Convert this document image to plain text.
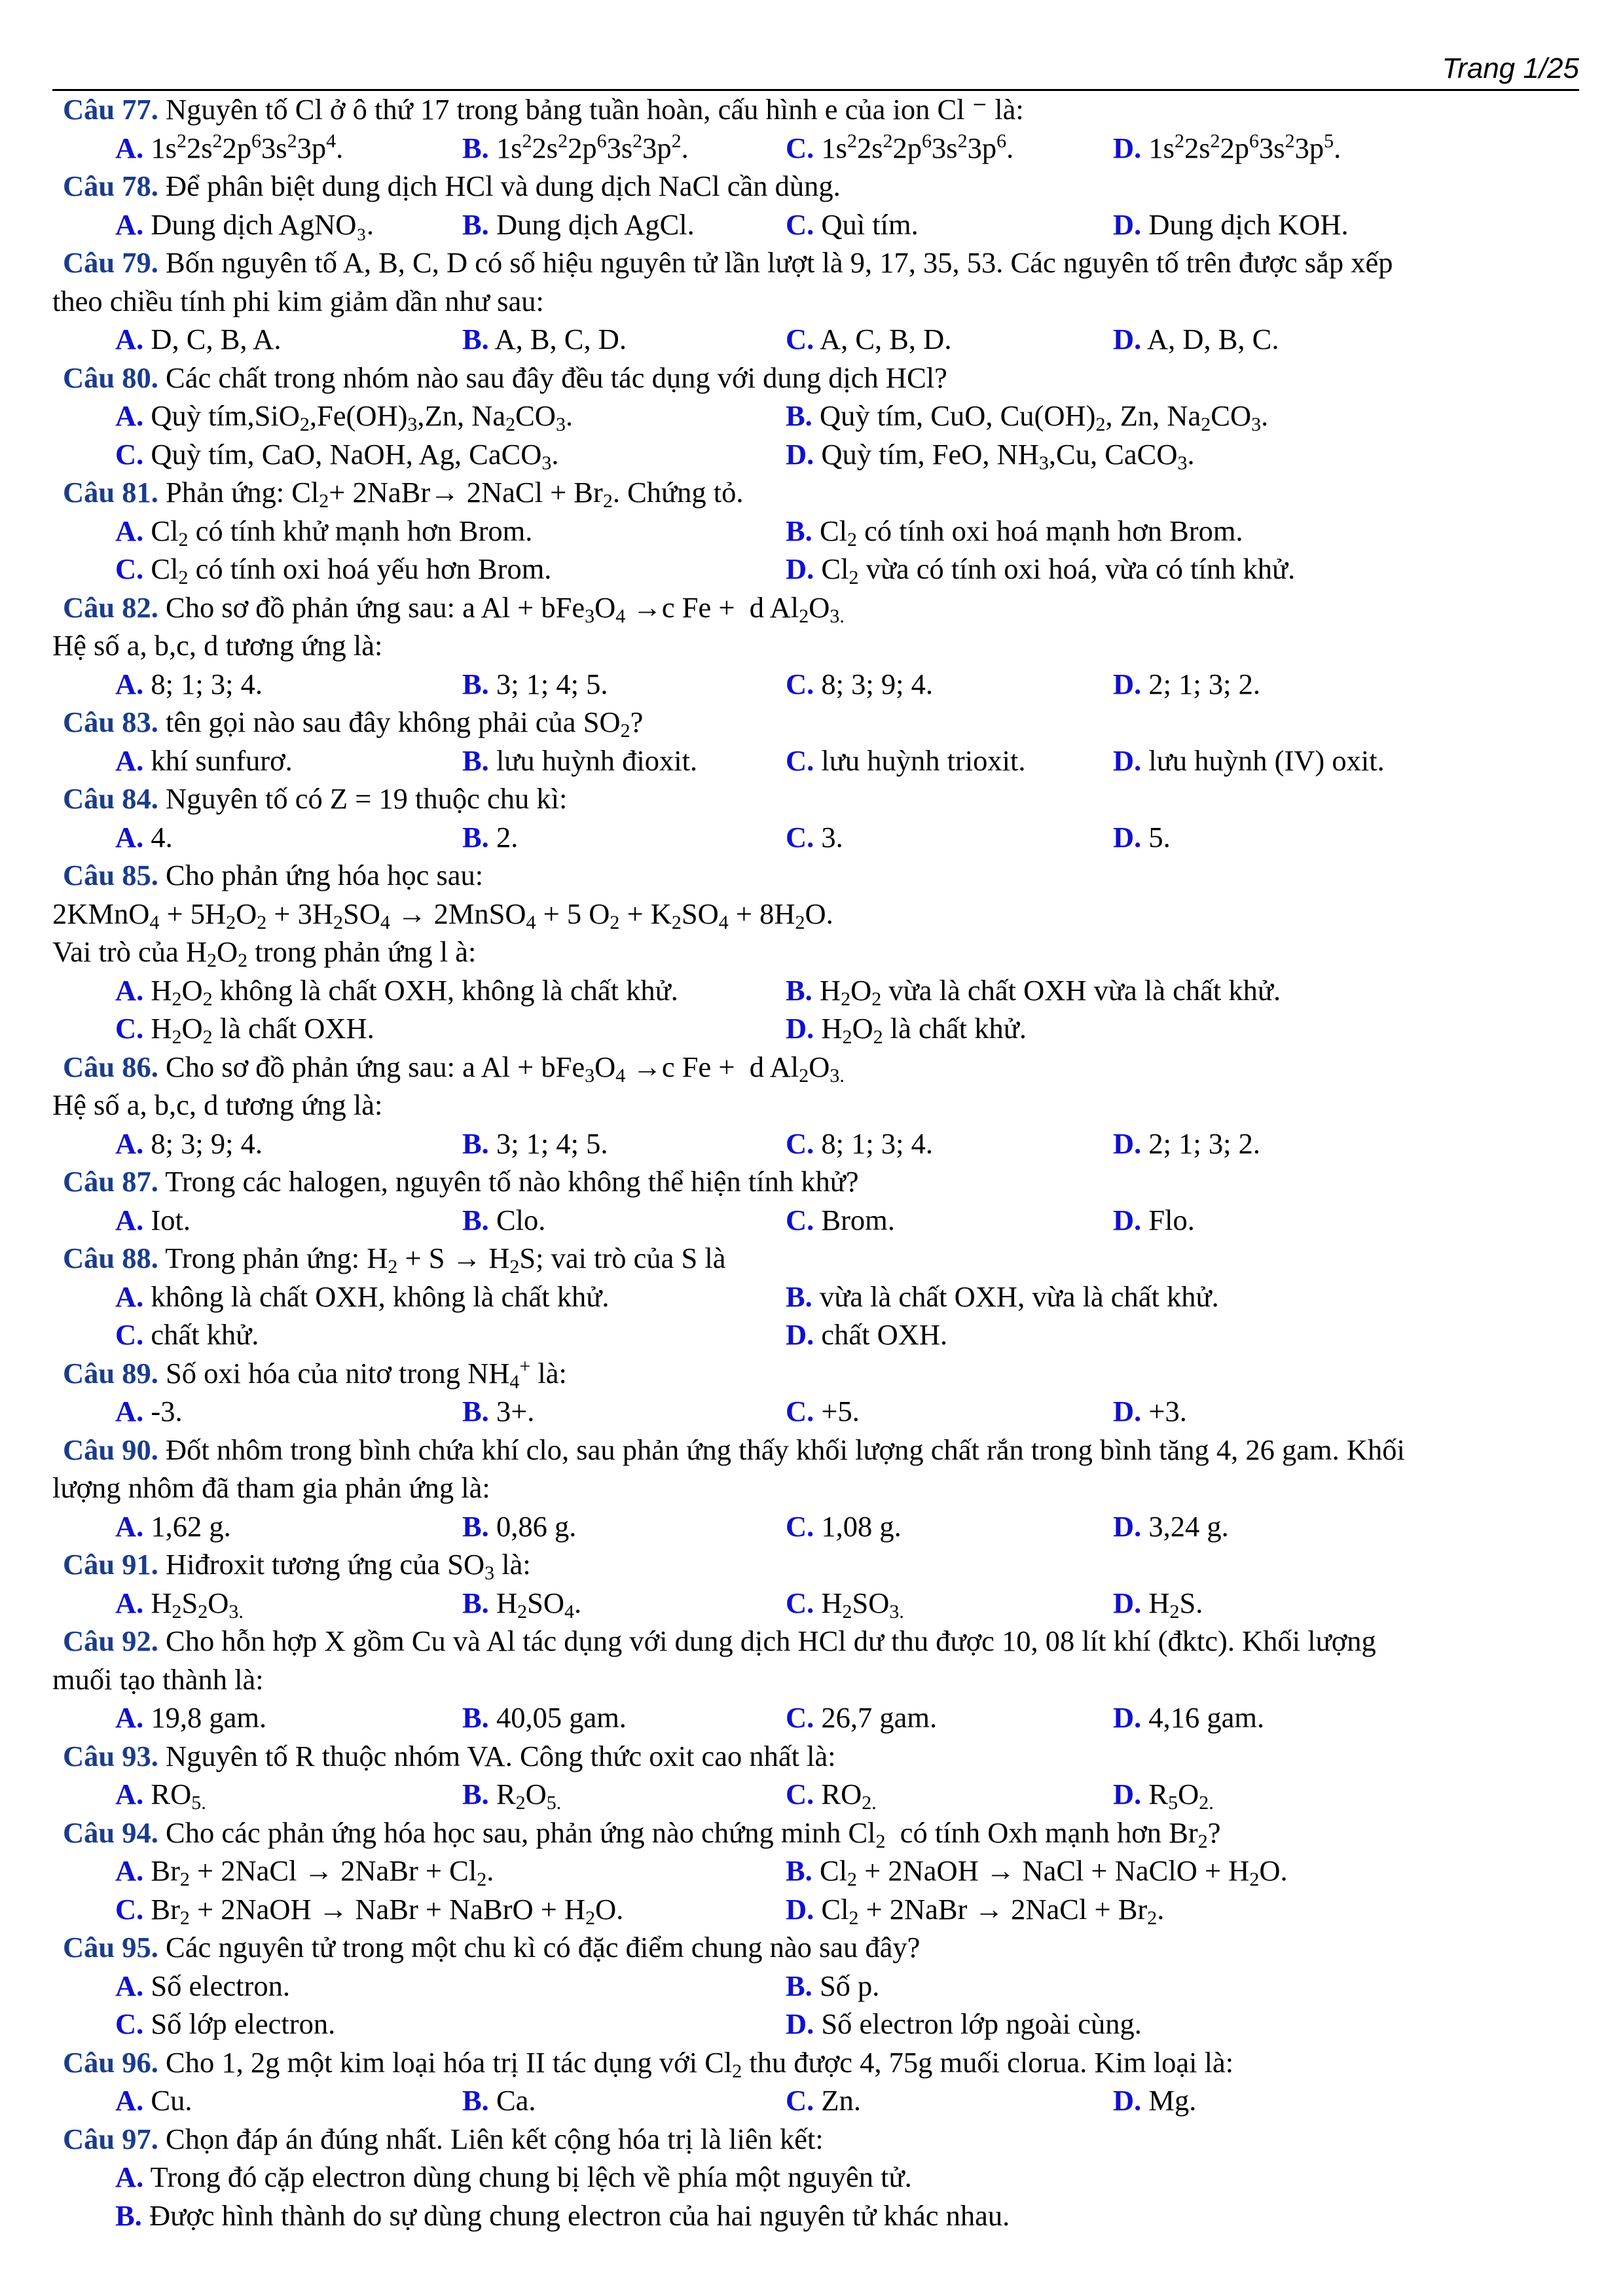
Trang 1/25
Câu 77. Nguyên tố Cl ở ô thứ 17 trong bảng tuần hoàn, cấu hình e của ion Cl ⁻ là:
A. $1s^22s^22p^63s^23p^4$.	B. $1s^22s^22p^63s^23p^2$.	C. $1s^22s^22p^63s^23p^6$.	D. $1s^22s^22p^63s^23p^5$.
Câu 78. Để phân biệt dung dịch HCl và dung dịch NaCl cần dùng.
A. Dung dịch AgNO₃.	B. Dung dịch AgCl.	C. Quì tím.	D. Dung dịch KOH.
Câu 79. Bốn nguyên tố A, B, C, D có số hiệu nguyên tử lần lượt là 9, 17, 35, 53. Các nguyên tố trên được sắp xếp
theo chiều tính phi kim giảm dần như sau:
A. D, C, B, A.	B. A, B, C, D.	C. A, C, B, D.	D. A, D, B, C.
Câu 80. Các chất trong nhóm nào sau đây đều tác dụng với dung dịch HCl?
A. Quỳ $tím,SiO_2,Fe(OH)_3,Zn$, $Na_2CO_3$.	B. Quỳ tím, CuO, $Cu(OH)_2$, Zn, $Na_2CO_3$.
C. Quỳ tím, CaO, NaOH, Ag, CaCO$_3$.	D. Quỳ tím, FeO, $NH_3,Cu$, CaCO$_3$.
Câu 81. Phản ứng: $Cl_2+$ 2NaBr→ 2NaCl + $Br_2$. Chứng tỏ.
A. $Cl_2$ có tính khử mạnh hơn Brom.	B. $Cl_2$ có tính oxi hoá mạnh hơn Brom.
C. $Cl_2$ có tính oxi hoá yếu hơn Brom.	D. $Cl_2$ vừa có tính oxi hoá, vừa có tính khử.
Câu 82. Cho sơ đồ phản ứng sau: a $Al + bFe_3O_4 \to c$ Fe +  d $Al_2O_{3.}$
Hệ số a, b,c, d tương ứng là:
A. 8; 1; 3; 4.	B. 3; 1; 4; 5.	C. 8; 3; 9; 4.	D. 2; 1; 3; 2.
Câu 83. tên gọi nào sau đây không phải của $SO_2$?
A. khí sunfurơ.	B. lưu huỳnh đioxit.	C. lưu huỳnh trioxit.	D. lưu huỳnh (IV) oxit.
Câu 84. Nguyên tố có Z = 19 thuộc chu kì:
A. 4.	B. 2.	C. 3.	D. 5.
Câu 85. Cho phản ứng hóa học sau:
2KMnO$_4$ + $5H_2O_2 + 3H_2SO_4$ → 2MnSO$_4$ + 5 $O_2 + K_2SO_4 + 8H_2O$.
Vai trò của $H_2O_2$ trong phản ứng l à:
A. $H_2O_2$ không là chất OXH, không là chất khử.	B. $H_2O_2$ vừa là chất OXH vừa là chất khử.
C. $H_2O_2$ là chất OXH.	D. $H_2O_2$ là chất khử.
Câu 86. Cho sơ đồ phản ứng sau: a $Al + bFe_3O_4 \to c$ Fe +  d $Al_2O_{3.}$
Hệ số a, b,c, d tương ứng là:
A. 8; 3; 9; 4.	B. 3; 1; 4; 5.	C. 8; 1; 3; 4.	D. 2; 1; 3; 2.
Câu 87. Trong các halogen, nguyên tố nào không thể hiện tính khử?
A. Iot.	B. Clo.	C. Brom.	D. Flo.
Câu 88. Trong phản ứng: $H_2 + S \to H_2S$; vai trò của S là
A. không là chất OXH, không là chất khử.	B. vừa là chất OXH, vừa là chất khử.
C. chất khử.	D. chất OXH.
Câu 89. Số oxi hóa của nitơ trong $NH_4^+$ là:
A. -3.	B. 3+.	C. +5.	D. +3.
Câu 90. Đốt nhôm trong bình chứa khí clo, sau phản ứng thấy khối lượng chất rắn trong bình tăng 4, 26 gam. Khối
lượng nhôm đã tham gia phản ứng là:
A. 1,62 g.	B. 0,86 g.	C. 1,08 g.	D. 3,24 g.
Câu 91. Hiđroxit tương ứng của $SO_3$ là:
A. $H_2S_2O_{3.}$	B. $H_2SO_4$.	C. $H_2SO_{3.}$	D. $H_2S$.
Câu 92. Cho hỗn hợp X gồm Cu và Al tác dụng với dung dịch HCl dư thu được 10, 08 lít khí (đktc). Khối lượng
muối tạo thành là:
A. 19,8 gam.	B. 40,05 gam.	C. 26,7 gam.	D. 4,16 gam.
Câu 93. Nguyên tố R thuộc nhóm VA. Công thức oxit cao nhất là:
A. $RO_{5.}$	B. $R_2O_{5.}$	C. $RO_{2.}$	D. $R_5O_{2.}$
Câu 94. Cho các phản ứng hóa học sau, phản ứng nào chứng minh $Cl_2$ có tính Oxh mạnh hơn $Br_2$?
A. $Br_2$ + 2NaCl → 2NaBr + $Cl_2$.	B. $Cl_2$ + 2NaOH → NaCl + NaClO + $H_2O$.
C. $Br_2$ + 2NaOH → NaBr + NaBrO + $H_2O$.	D. $Cl_2$ + 2NaBr → 2NaCl + $Br_2$.
Câu 95. Các nguyên tử trong một chu kì có đặc điểm chung nào sau đây?
A. Số electron.	B. Số p.
C. Số lớp electron.	D. Số electron lớp ngoài cùng.
Câu 96. Cho 1, 2g một kim loại hóa trị II tác dụng với $Cl_2$ thu được 4, 75g muối clorua. Kim loại là:
A. Cu.	B. Ca.	C. Zn.	D. Mg.
Câu 97. Chọn đáp án đúng nhất. Liên kết cộng hóa trị là liên kết:
A. Trong đó cặp electron dùng chung bị lệch về phía một nguyên tử.
B. Được hình thành do sự dùng chung electron của hai nguyên tử khác nhau.
